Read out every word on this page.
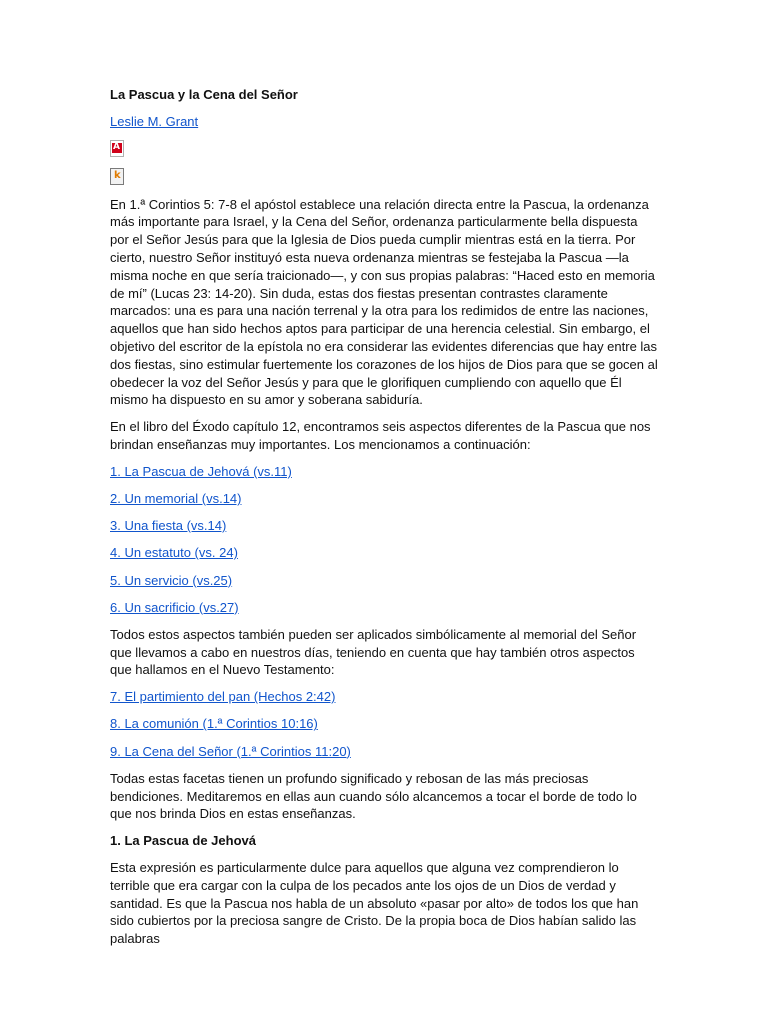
La Pascua y la Cena del Señor
Leslie M. Grant
A
k

En 1.ª Corintios 5: 7-8 el apóstol establece una relación directa entre la Pascua, la ordenanza más importante para Israel, y la Cena del Señor, ordenanza particularmente bella dispuesta por el Señor Jesús para que la Iglesia de Dios pueda cumplir mientras está en la tierra. Por cierto, nuestro Señor instituyó esta nueva ordenanza mientras se festejaba la Pascua —la misma noche en que sería traicionado—, y con sus propias palabras: “Haced esto en memoria de mí” (Lucas 23: 14-20). Sin duda, estas dos fiestas presentan contrastes claramente marcados: una es para una nación terrenal y la otra para los redimidos de entre las naciones, aquellos que han sido hechos aptos para participar de una herencia celestial. Sin embargo, el objetivo del escritor de la epístola no era considerar las evidentes diferencias que hay entre las dos fiestas, sino estimular fuertemente los corazones de los hijos de Dios para que se gocen al obedecer la voz del Señor Jesús y para que le glorifiquen cumpliendo con aquello que Él mismo ha dispuesto en su amor y soberana sabiduría.

En el libro del Éxodo capítulo 12, encontramos seis aspectos diferentes de la Pascua que nos brindan enseñanzas muy importantes. Los mencionamos a continuación:

1. La Pascua de Jehová (vs.11)
2. Un memorial (vs.14)
3. Una fiesta (vs.14)
4. Un estatuto (vs. 24)
5. Un servicio (vs.25)
6. Un sacrificio (vs.27)

Todos estos aspectos también pueden ser aplicados simbólicamente al memorial del Señor que llevamos a cabo en nuestros días, teniendo en cuenta que hay también otros aspectos que hallamos en el Nuevo Testamento:

7. El partimiento del pan (Hechos 2:42)
8. La comunión (1.ª Corintios 10:16)
9. La Cena del Señor (1.ª Corintios 11:20)

Todas estas facetas tienen un profundo significado y rebosan de las más preciosas bendiciones. Meditaremos en ellas aun cuando sólo alcancemos a tocar el borde de todo lo que nos brinda Dios en estas enseñanzas.

1. La Pascua de Jehová

Esta expresión es particularmente dulce para aquellos que alguna vez comprendieron lo terrible que era cargar con la culpa de los pecados ante los ojos de un Dios de verdad y santidad. Es que la Pascua nos habla de un absoluto «pasar por alto» de todos los que han sido cubiertos por la preciosa sangre de Cristo. De la propia boca de Dios habían salido las palabras
